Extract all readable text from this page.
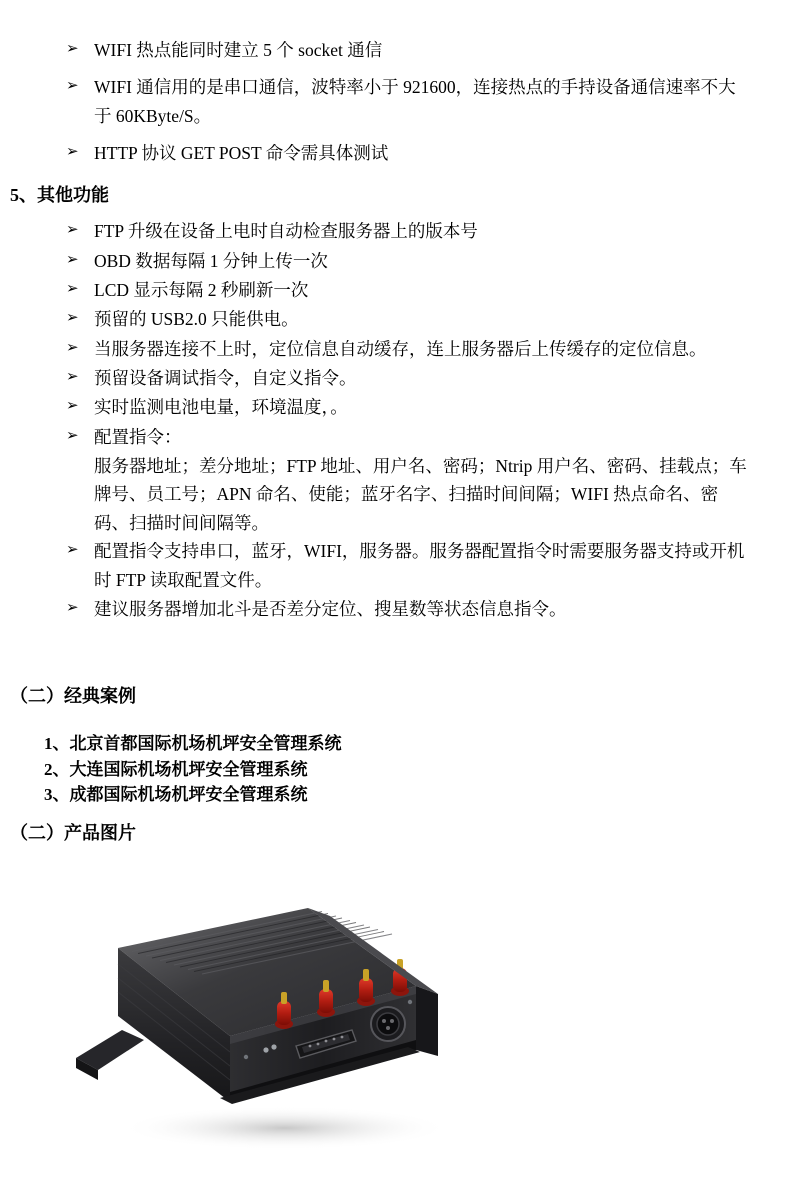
➢ WIFI 热点能同时建立 5 个 socket 通信
➢ WIFI 通信用的是串口通信，波特率小于 921600，连接热点的手持设备通信速率不大于 60KByte/S。
➢ HTTP 协议 GET POST 命令需具体测试
5、其他功能
➢ FTP 升级在设备上电时自动检查服务器上的版本号
➢ OBD 数据每隔 1 分钟上传一次
➢ LCD 显示每隔 2 秒刷新一次
➢ 预留的 USB2.0 只能供电。
➢ 当服务器连接不上时，定位信息自动缓存，连上服务器后上传缓存的定位信息。
➢ 预留设备调试指令，自定义指令。
➢ 实时监测电池电量，环境温度，。
➢ 配置指令：

服务器地址；差分地址；FTP 地址、用户名、密码；Ntrip 用户名、密码、挂载点；车牌号、员工号；APN 命名、使能；蓝牙名字、扫描时间间隔；WIFI 热点命名、密码、扫描时间间隔等。

➢ 配置指令支持串口，蓝牙，WIFI，服务器。服务器配置指令时需要服务器支持或开机时 FTP 读取配置文件。
➢ 建议服务器增加北斗是否差分定位、搜星数等状态信息指令。
（二）经典案例
1、北京首都国际机场机坪安全管理系统
2、大连国际机场机坪安全管理系统
3、成都国际机场机坪安全管理系统
（二）产品图片
